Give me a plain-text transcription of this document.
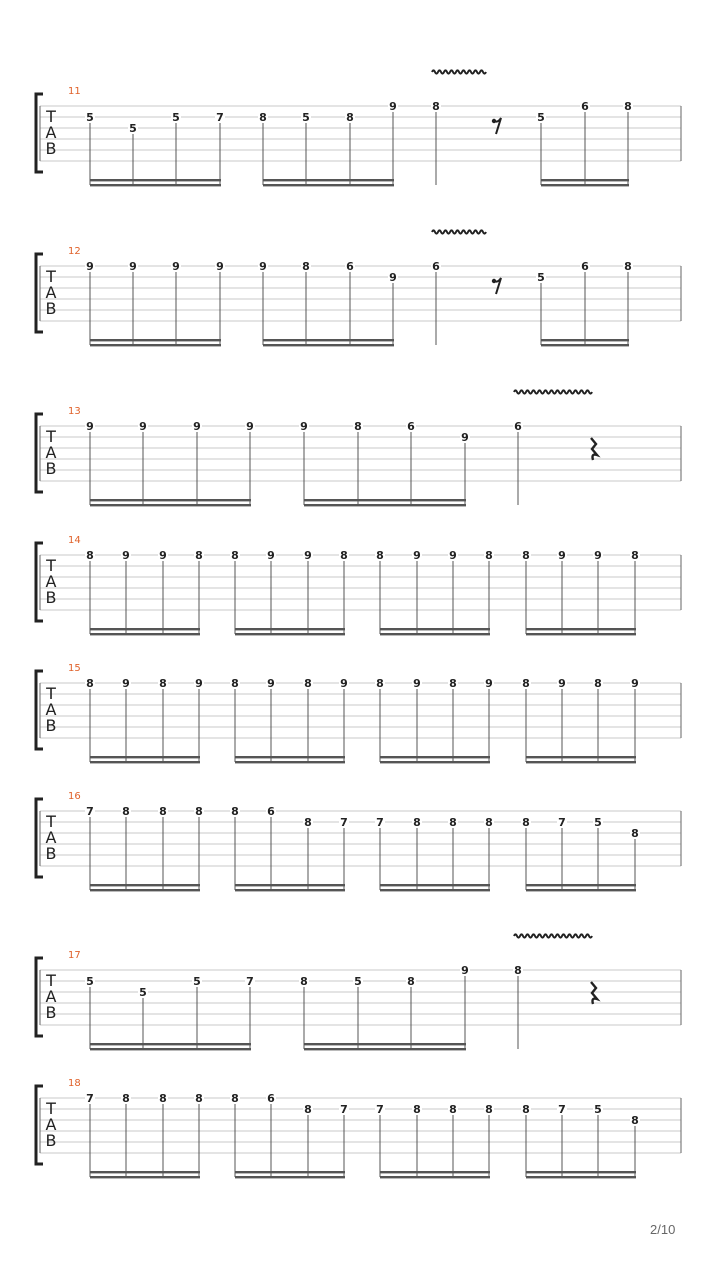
11
T
A
B
5
5
5	7	8	5	8
9	8
5
6	8
12
T
A
B
9	9	9	9	9	8	6
9
6
5
6	8
13
T
A
B
9	9	9	9	9	8	6
9
6
14
T
A
B
8	9	9	8	8	9	9	8	8	9	9	8	8	9	9	8
15
T
A
B
8	9	8	9	8	9	8	9	8	9	8	9	8	9	8	9
16
T
A
B
7	8	8	8	8	6
8	7	7	8	8	8	8	7	5
8
17
T
A
B
5
5
5	7	8	5	8
9	8
18
T
A
B
7	8	8	8	8	6
8	7	7	8	8	8	8	7	5
8
2/10
